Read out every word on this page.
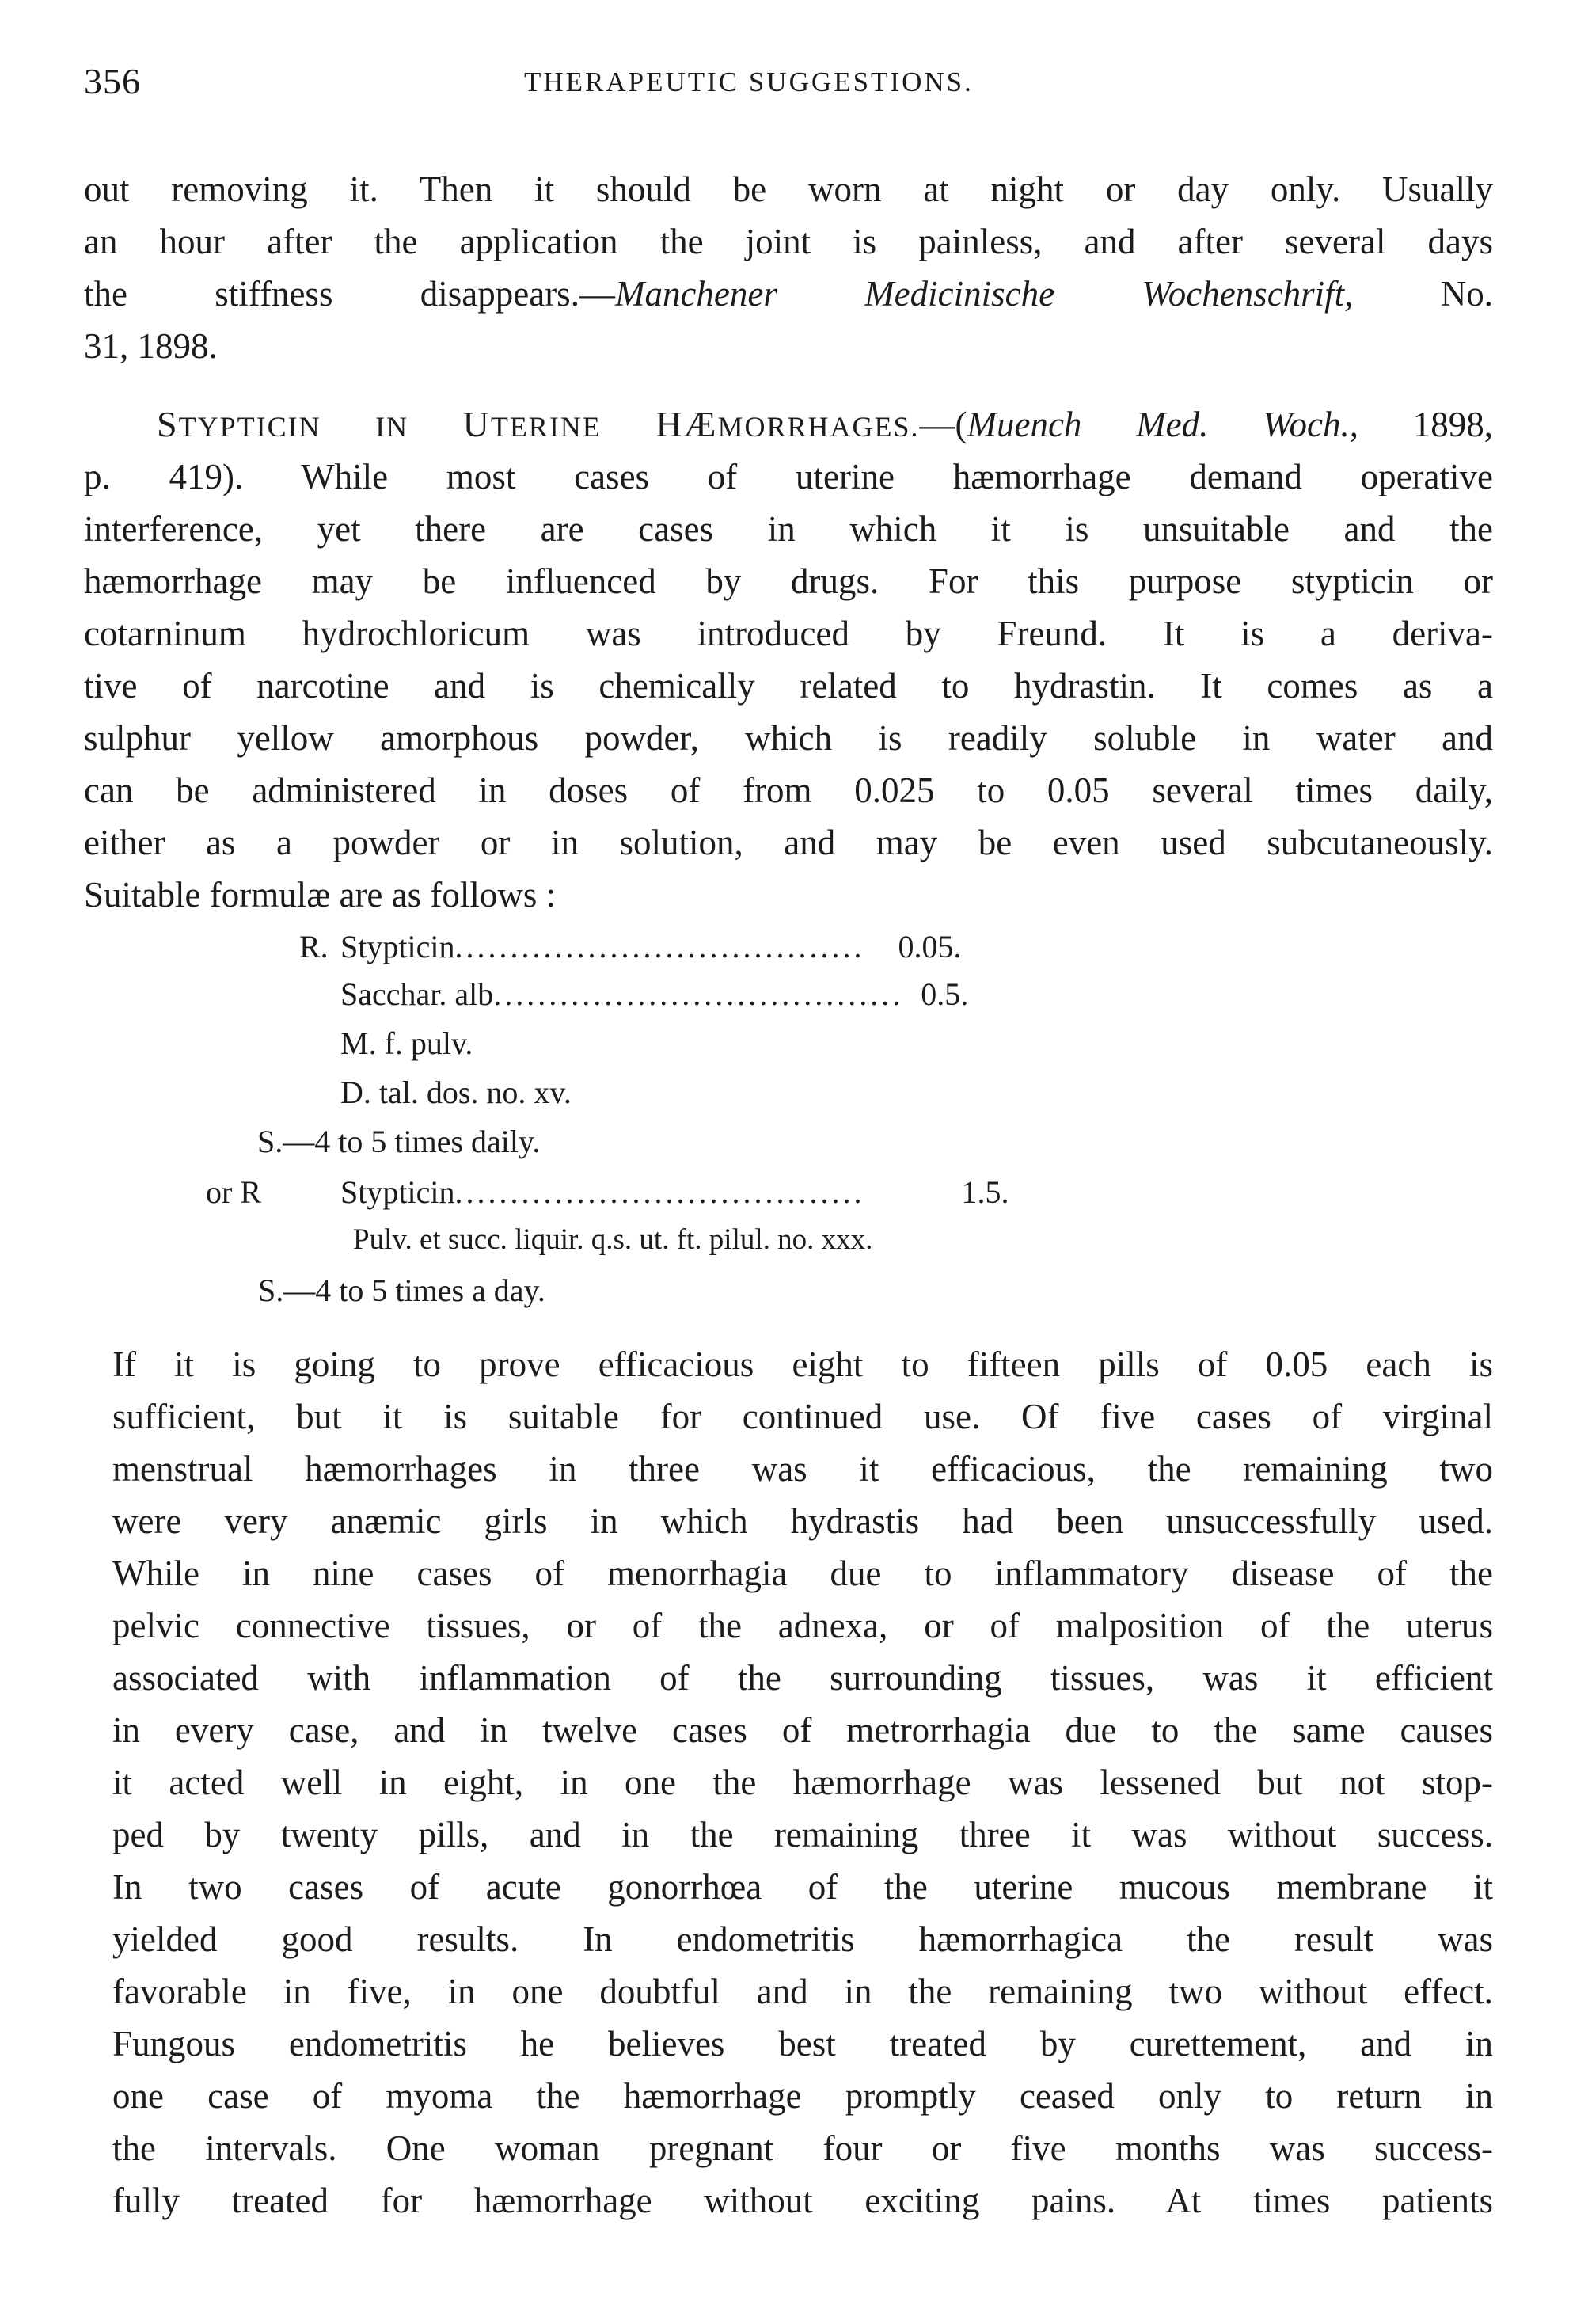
356	THERAPEUTIC SUGGESTIONS.
out removing it. Then it should be worn at night or day only. Usually
an hour after the application the joint is painless, and after several days
the stiffness disappears.—Manchener Medicinische Wochenschrift, No.
31, 1898.
STYPTICIN IN UTERINE HÆMORRHAGES.—(Muench Med. Woch., 1898,
p. 419). While most cases of uterine hæmorrhage demand operative
interference, yet there are cases in which it is unsuitable and the
hæmorrhage may be influenced by drugs. For this purpose stypticin or
cotarninum hydrochloricum was introduced by Freund. It is a deriva-
tive of narcotine and is chemically related to hydrastin. It comes as a
sulphur yellow amorphous powder, which is readily soluble in water and
can be administered in doses of from 0.025 to 0.05 several times daily,
either as a powder or in solution, and may be even used subcutaneously.
Suitable formulæ are as follows :
R. Stypticin..................................... 0.05.
Sacchar. alb..................................... 0.5.
M. f. pulv.
D. tal. dos. no. xv.
S.—4 to 5 times daily.
or R	Stypticin.....................................	1.5.
Pulv. et succ. liquir. q.s. ut. ft. pilul. no. xxx.
S.—4 to 5 times a day.
If it is going to prove efficacious eight to fifteen pills of 0.05 each is
sufficient, but it is suitable for continued use. Of five cases of virginal
menstrual hæmorrhages in three was it efficacious, the remaining two
were very anæmic girls in which hydrastis had been unsuccessfully used.
While in nine cases of menorrhagia due to inflammatory disease of the
pelvic connective tissues, or of the adnexa, or of malposition of the uterus
associated with inflammation of the surrounding tissues, was it efficient
in every case, and in twelve cases of metrorrhagia due to the same causes
it acted well in eight, in one the hæmorrhage was lessened but not stop-
ped by twenty pills, and in the remaining three it was without success.
In two cases of acute gonorrhœa of the uterine mucous membrane it
yielded good results. In endometritis hæmorrhagica the result was
favorable in five, in one doubtful and in the remaining two without effect.
Fungous endometritis he believes best treated by curettement, and in
one case of myoma the hæmorrhage promptly ceased only to return in
the intervals. One woman pregnant four or five months was success-
fully treated for hæmorrhage without exciting pains. At times patients
